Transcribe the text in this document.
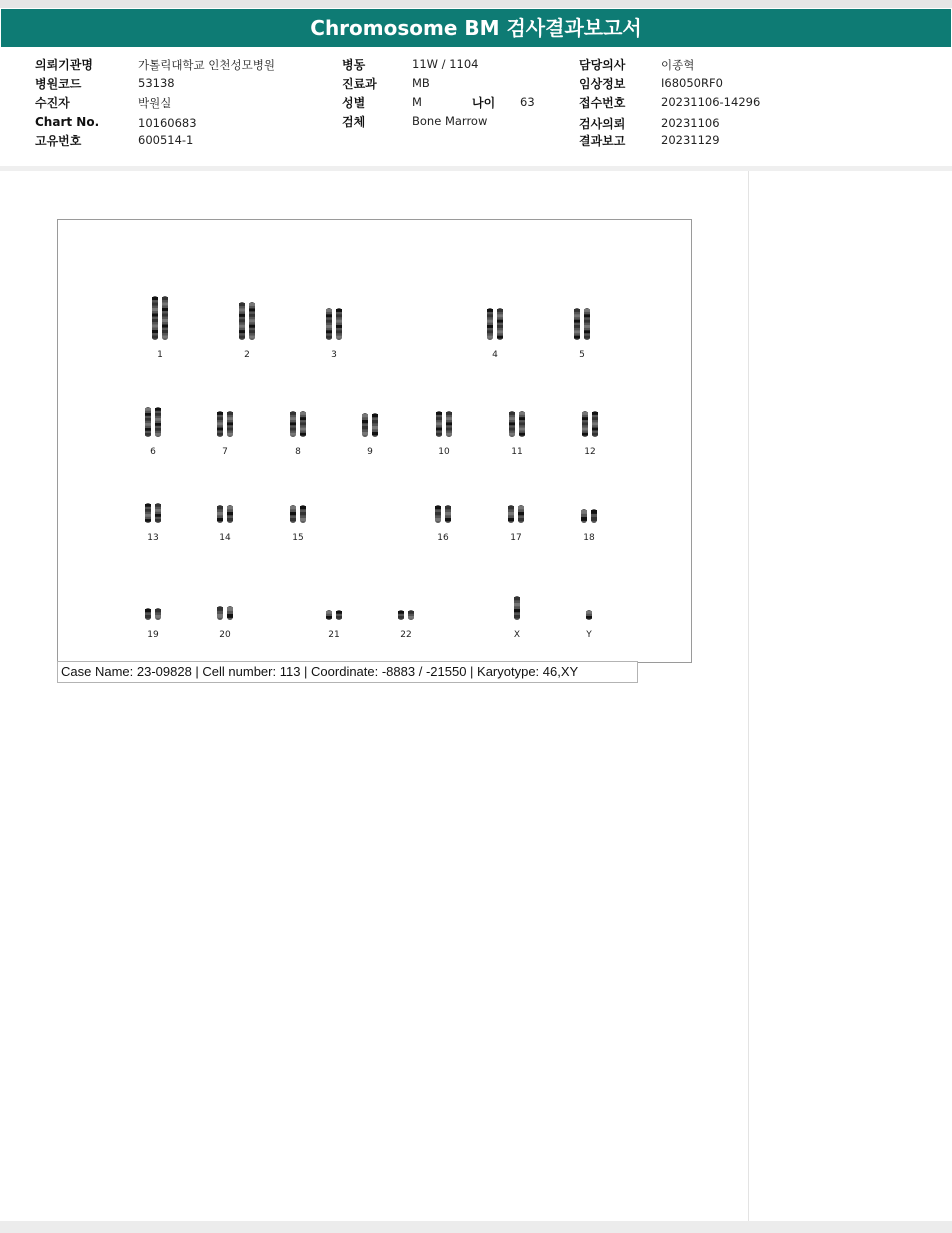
Chromosome BM 검사결과보고서
의뢰기관명	가톨릭대학교 인천성모병원
병원코드	53138
수진자	박원실
Chart No.	10160683
고유번호	600514-1
병동	11W / 1104
진료과	MB
성별	M	나이 63
검체	Bone Marrow
담당의사	이종혁
임상정보	I68050RF0
접수번호	20231106-14296
검사의뢰	20231106
결과보고	20231129
1	2	3	4	5
6	7	8	9	10	11	12
13	14	15	16	17	18
19	20	21	22	X	Y
Case Name: 23-09828 | Cell number: 113 | Coordinate: -8883 / -21550 | Karyotype: 46,XY
